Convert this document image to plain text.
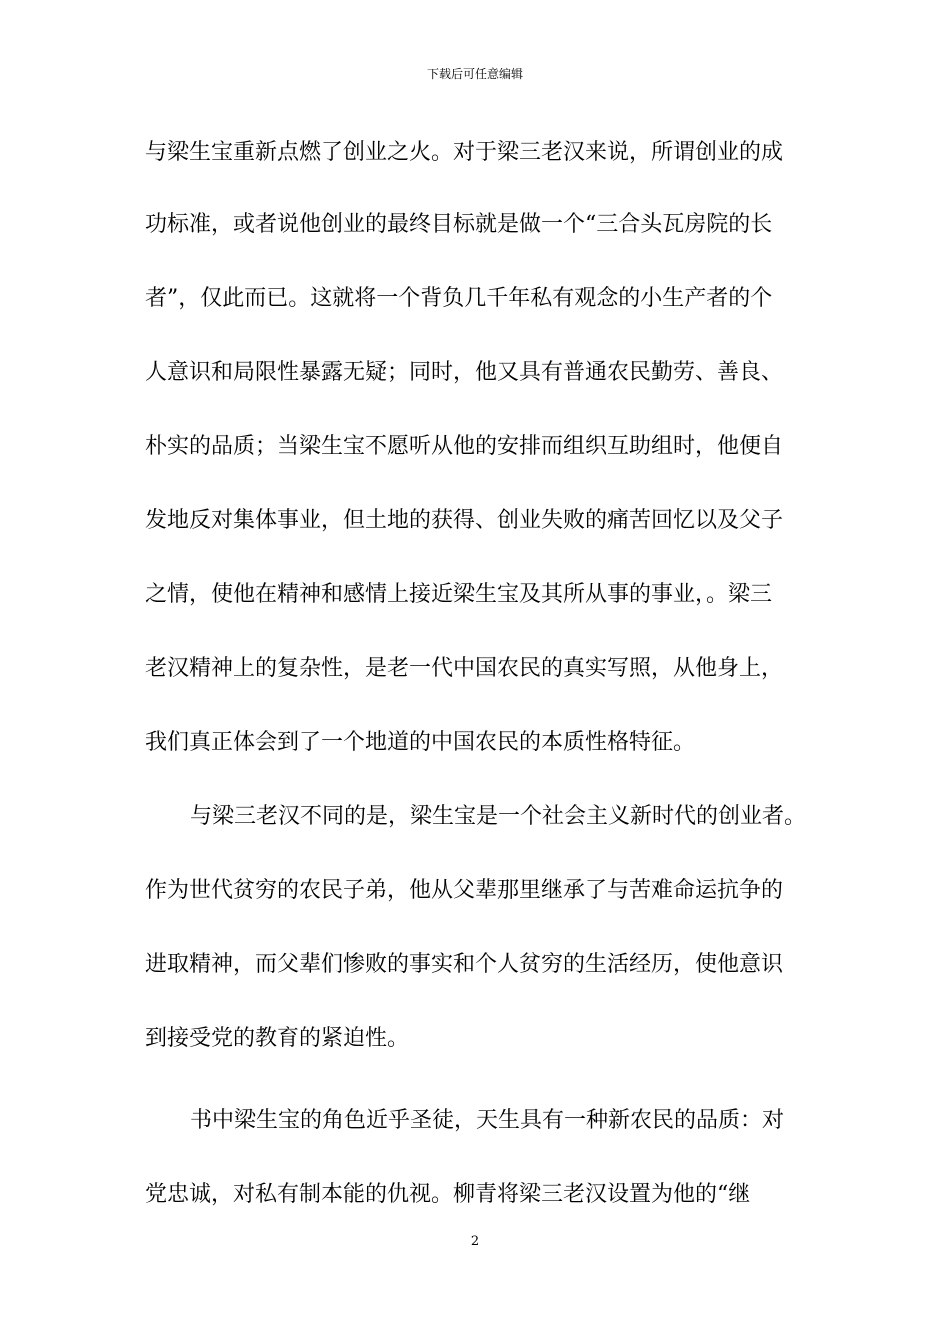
下载后可任意编辑
与梁生宝重新点燃了创业之火。对于梁三老汉来说，所谓创业的成
功标准，或者说他创业的最终目标就是做一个“三合头瓦房院的长
者”，仅此而已。这就将一个背负几千年私有观念的小生产者的个
人意识和局限性暴露无疑；同时，他又具有普通农民勤劳、善良、
朴实的品质；当梁生宝不愿听从他的安排而组织互助组时，他便自
发地反对集体事业，但土地的获得、创业失败的痛苦回忆以及父子
之情，使他在精神和感情上接近梁生宝及其所从事的事业，。梁三
老汉精神上的复杂性，是老一代中国农民的真实写照，从他身上，
我们真正体会到了一个地道的中国农民的本质性格特征。
与梁三老汉不同的是，梁生宝是一个社会主义新时代的创业者。
作为世代贫穷的农民子弟，他从父辈那里继承了与苦难命运抗争的
进取精神，而父辈们惨败的事实和个人贫穷的生活经历，使他意识
到接受党的教育的紧迫性。
书中梁生宝的角色近乎圣徒，天生具有一种新农民的品质：对
党忠诚，对私有制本能的仇视。柳青将梁三老汉设置为他的“继
2
